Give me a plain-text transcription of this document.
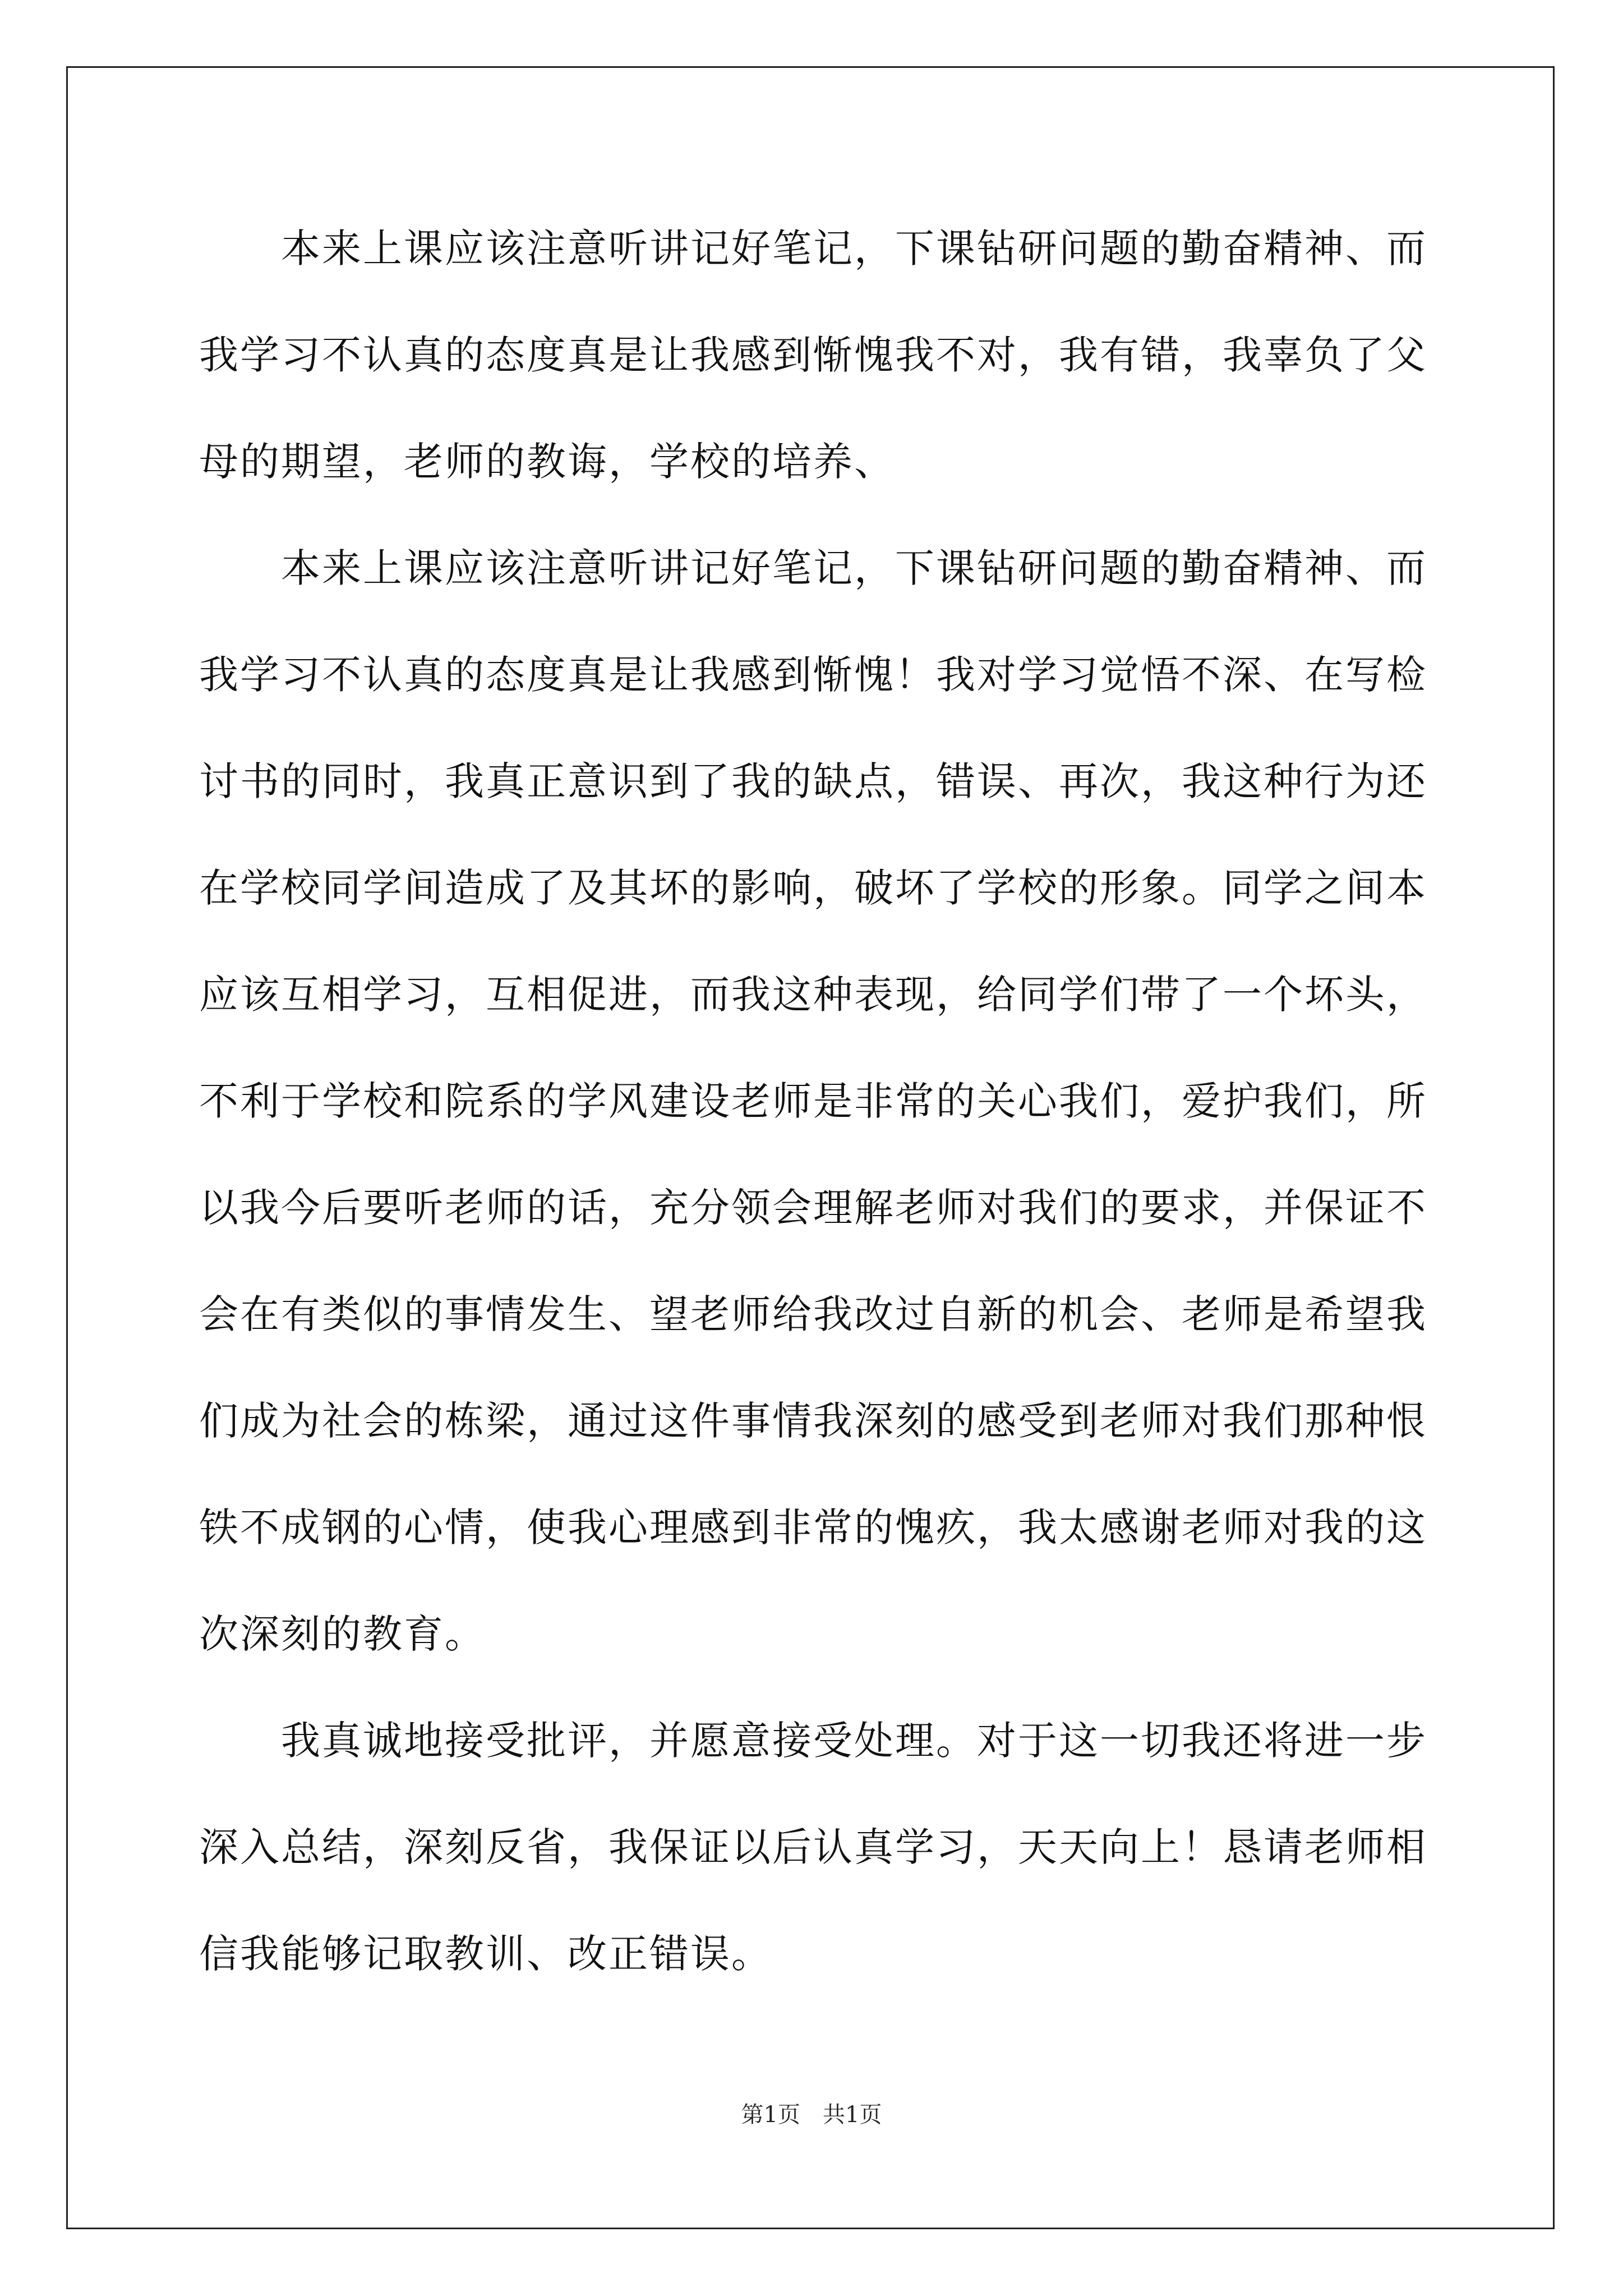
本来上课应该注意听讲记好笔记，下课钻研问题的勤奋精神、而
我学习不认真的态度真是让我感到惭愧我不对，我有错，我辜负了父
母的期望，老师的教诲，学校的培养、
本来上课应该注意听讲记好笔记，下课钻研问题的勤奋精神、而
我学习不认真的态度真是让我感到惭愧！我对学习觉悟不深、在写检
讨书的同时，我真正意识到了我的缺点，错误、再次，我这种行为还
在学校同学间造成了及其坏的影响，破坏了学校的形象。同学之间本
应该互相学习，互相促进，而我这种表现，给同学们带了一个坏头，
不利于学校和院系的学风建设老师是非常的关心我们，爱护我们，所
以我今后要听老师的话，充分领会理解老师对我们的要求，并保证不
会在有类似的事情发生、望老师给我改过自新的机会、老师是希望我
们成为社会的栋梁，通过这件事情我深刻的感受到老师对我们那种恨
铁不成钢的心情，使我心理感到非常的愧疚，我太感谢老师对我的这
次深刻的教育。
我真诚地接受批评，并愿意接受处理。对于这一切我还将进一步
深入总结，深刻反省，我保证以后认真学习，天天向上！恳请老师相
信我能够记取教训、改正错误。
第1页　共1页
